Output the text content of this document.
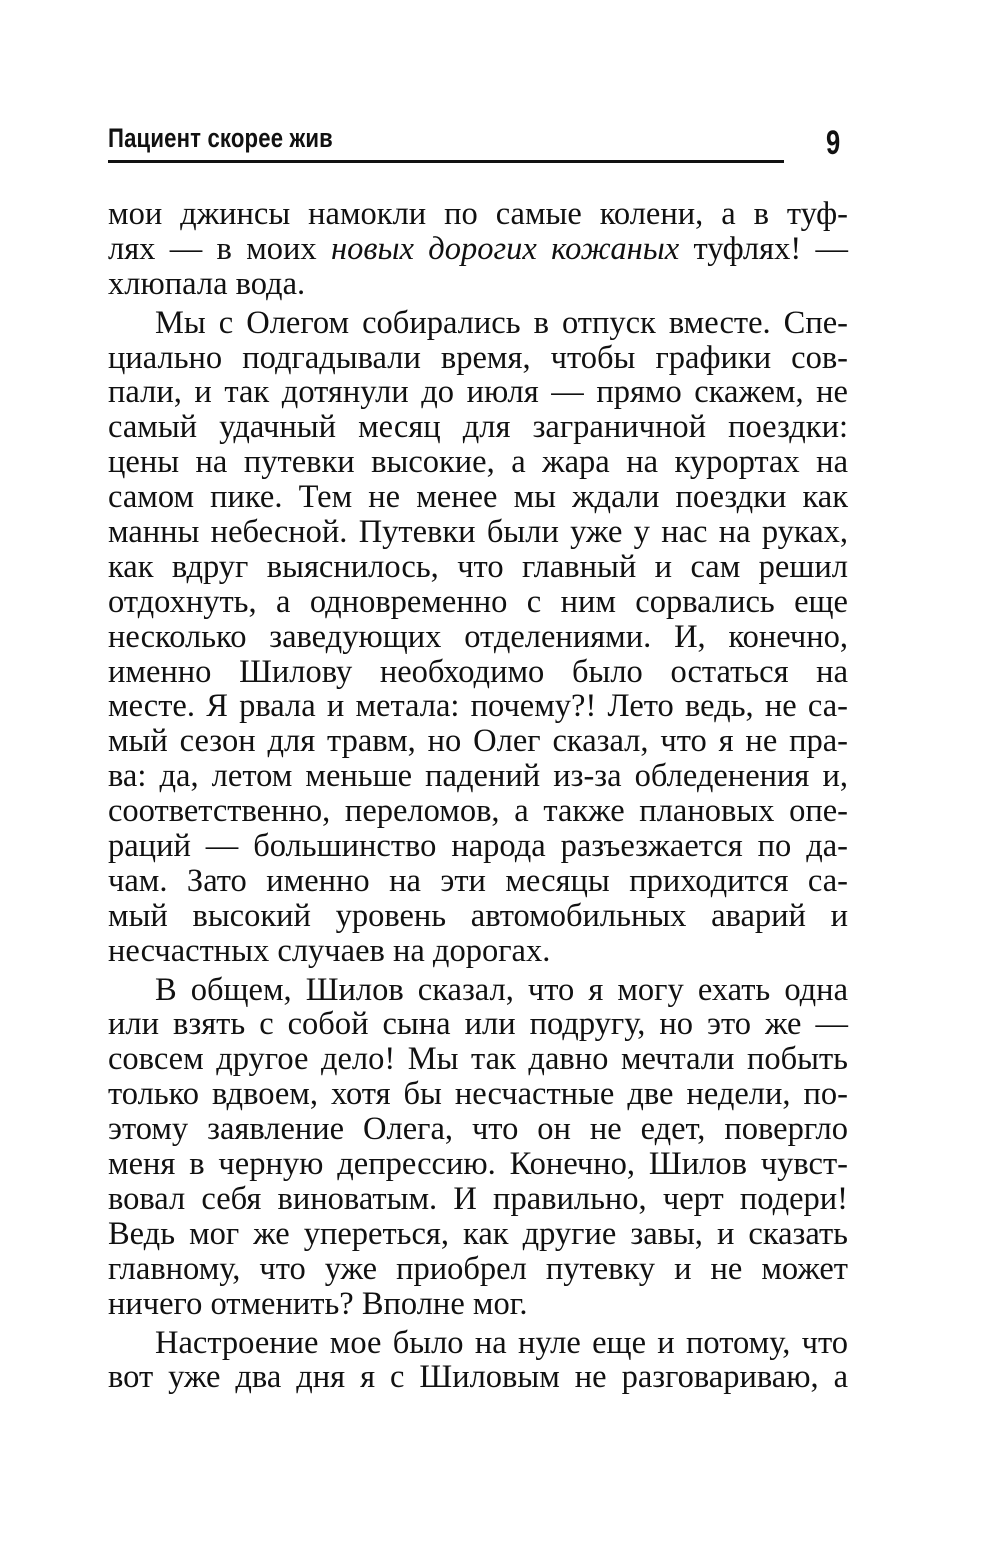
Пациент скорее жив	9
мои джинсы намокли по самые колени, а в туф-
лях — в моих новых дорогих кожаных туфлях! —
хлюпала вода.
Мы с Олегом собирались в отпуск вместе. Спе-
циально подгадывали время, чтобы графики сов-
пали, и так дотянули до июля — прямо скажем, не
самый удачный месяц для заграничной поездки:
цены на путевки высокие, а жара на курортах на
самом пике. Тем не менее мы ждали поездки как
манны небесной. Путевки были уже у нас на руках,
как вдруг выяснилось, что главный и сам решил
отдохнуть, а одновременно с ним сорвались еще
несколько заведующих отделениями. И, конечно,
именно Шилову необходимо было остаться на
месте. Я рвала и метала: почему?! Лето ведь, не са-
мый сезон для травм, но Олег сказал, что я не пра-
ва: да, летом меньше падений из-за обледенения и,
соответственно, переломов, а также плановых опе-
раций — большинство народа разъезжается по да-
чам. Зато именно на эти месяцы приходится са-
мый высокий уровень автомобильных аварий и
несчастных случаев на дорогах.
В общем, Шилов сказал, что я могу ехать одна
или взять с собой сына или подругу, но это же —
совсем другое дело! Мы так давно мечтали побыть
только вдвоем, хотя бы несчастные две недели, по-
этому заявление Олега, что он не едет, повергло
меня в черную депрессию. Конечно, Шилов чувст-
вовал себя виноватым. И правильно, черт подери!
Ведь мог же упереться, как другие завы, и сказать
главному, что уже приобрел путевку и не может
ничего отменить? Вполне мог.
Настроение мое было на нуле еще и потому, что
вот уже два дня я с Шиловым не разговариваю, а
